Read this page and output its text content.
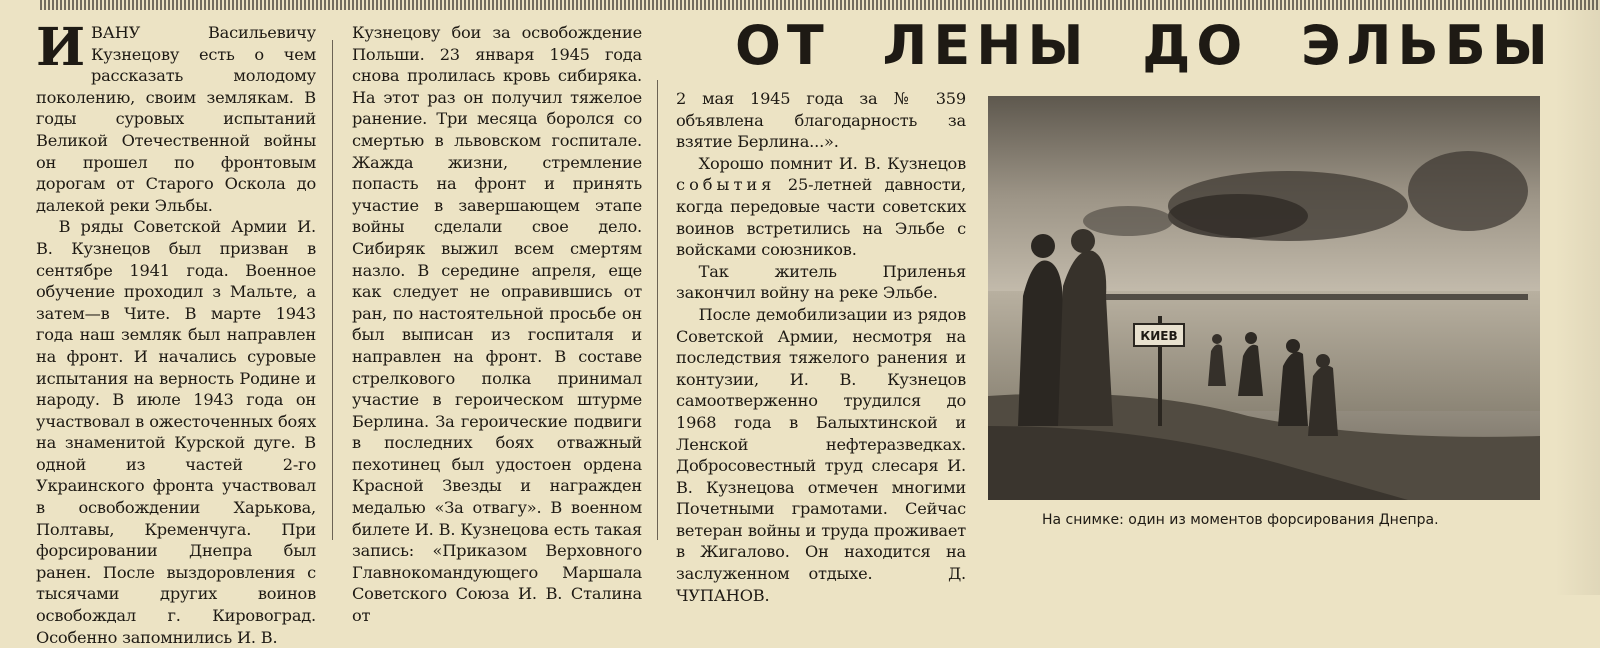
ОТ ЛЕНЫ ДО ЭЛЬБЫ

ИВАНУ Васильевичу Кузнецову есть о чем рассказать молодому поколению, своим землякам. В годы суровых испытаний Великой Отечественной войны он прошел по фронтовым дорогам от Старого Оскола до далекой реки Эльбы.

В ряды Советской Армии И. В. Кузнецов был призван в сентябре 1941 года. Военное обучение проходил з Мальте, а затем—в Чите. В марте 1943 года наш земляк был направлен на фронт. И начались суровые испытания на верность Родине и народу. В июле 1943 года он участвовал в ожесточенных боях на знаменитой Курской дуге. В одной из частей 2-го Украинского фронта участвовал в освобождении Харькова, Полтавы, Кременчуга. При форсировании Днепра был ранен. После выздоровления с тысячами других воинов освобождал г. Кировоград. Особенно запомнились И. В.

Кузнецову бои за освобождение Польши. 23 января 1945 года снова пролилась кровь сибиряка. На этот раз он получил тяжелое ранение. Три месяца боролся со смертью в львовском госпитале. Жажда жизни, стремление попасть на фронт и принять участие в завершающем этапе войны сделали свое дело. Сибиряк выжил всем смертям назло. В середине апреля, еще как следует не оправившись от ран, по настоятельной просьбе он был выписан из госпиталя и направлен на фронт. В составе стрелкового полка принимал участие в героическом штурме Берлина. За героические подвиги в последних боях отважный пехотинец был удостоен ордена Красной Звезды и награжден медалью «За отвагу». В военном билете И. В. Кузнецова есть такая запись: «Приказом Верховного Главнокомандующего Маршала Советского Союза И. В. Сталина от

2 мая 1945 года за № 359 объявлена благодарность за взятие Берлина...».

Хорошо помнит И. В. Кузнецов события 25-летней давности, когда передовые части советских воинов встретились на Эльбе с войсками союзников.

Так житель Приленья закончил войну на реке Эльбе.

После демобилизации из рядов Советской Армии, несмотря на последствия тяжелого ранения и контузии, И. В. Кузнецов самоотверженно трудился до 1968 года в Балыхтинской и Ленской нефтеразведках. Добросовестный труд слесаря И. В. Кузнецова отмечен многими Почетными грамотами. Сейчас ветеран войны и труда проживает в Жигалово. Он находится на заслуженном отдыхе.	Д. ЧУПАНОВ.

КИЕВ
На снимке: один из моментов форсирования Днепра.
